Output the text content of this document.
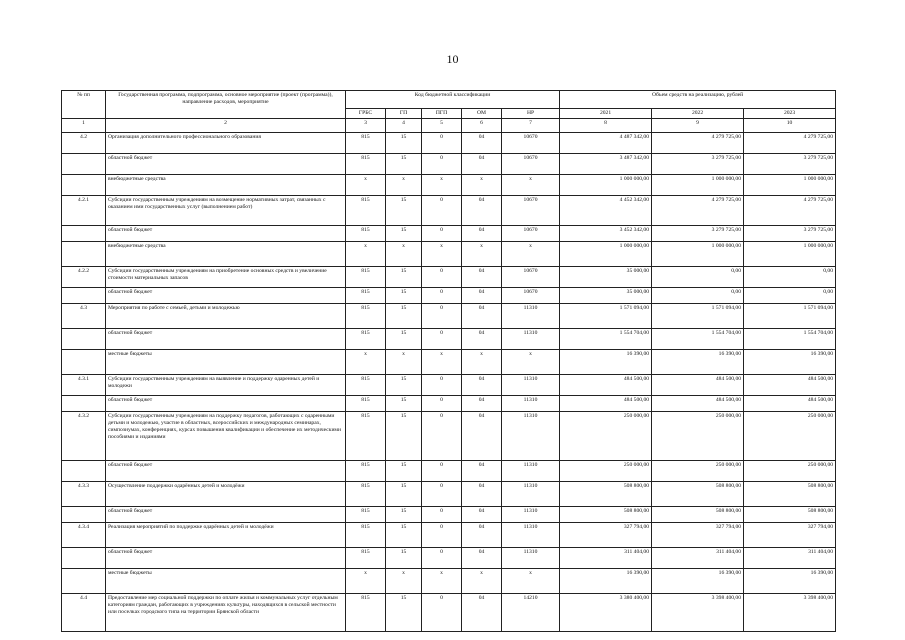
10
№ пп	Государственная программа, подпрограмма, основное мероприятие (проект (программа)), направление расходов, мероприятие	Код бюджетной классификации					Объем средств на реализацию, рублей		
		ГРБС	ГП	ПГП	ОМ	НР	2021	2022	2023
1	2	3	4	5	6	7	8	9	10
4.2	Организация дополнительного профессионального образования	815	15	0	04	10670	4 487 342,00	4 279 725,00	4 279 725,00
	областной бюджет	815	15	0	04	10670	3 487 342,00	3 279 725,00	3 279 725,00
	внебюджетные средства	x	x	x	x	x	1 000 000,00	1 000 000,00	1 000 000,00
4.2.1	Субсидии государственным учреждениям на возмещение нормативных затрат, связанных с оказанием ими государственных услуг (выполнением работ)	815	15	0	04	10670	4 452 342,00	4 279 725,00	4 279 725,00
	областной бюджет	815	15	0	04	10670	3 452 342,00	3 279 725,00	3 279 725,00
	внебюджетные средства	x	x	x	x	x	1 000 000,00	1 000 000,00	1 000 000,00
4.2.2	Субсидии государственным учреждениям на приобретение основных средств и увеличение стоимости материальных запасов	815	15	0	04	10670	35 000,00	0,00	0,00
	областной бюджет	815	15	0	04	10670	35 000,00	0,00	0,00
4.3	Мероприятия по работе с семьей, детьми и молодежью	815	15	0	04	11310	1 571 094,00	1 571 094,00	1 571 094,00
	областной бюджет	815	15	0	04	11310	1 554 704,00	1 554 704,00	1 554 704,00
	местные бюджеты	x	x	x	x	x	16 390,00	16 390,00	16 390,00
4.3.1	Субсидии государственным учреждениям на выявление и поддержку одаренных детей и молодежи	815	15	0	04	11310	484 500,00	484 500,00	484 500,00
	областной бюджет	815	15	0	04	11310	484 500,00	484 500,00	484 500,00
4.3.2	Субсидии государственным учреждениям на поддержку педагогов, работающих с одаренными детьми и молодежью, участие в областных, всероссийских и международных семинарах, симпозиумах, конференциях, курсах повышения квалификации и обеспечение их методическими пособиями и изданиями	815	15	0	04	11310	250 000,00	250 000,00	250 000,00
	областной бюджет	815	15	0	04	11310	250 000,00	250 000,00	250 000,00
4.3.3	Осуществление поддержки одарённых детей и молодёжи	815	15	0	04	11310	508 800,00	508 800,00	508 800,00
	областной бюджет	815	15	0	04	11310	508 800,00	508 800,00	508 800,00
4.3.4	Реализация мероприятий по поддержке одарённых детей и молодёжи	815	15	0	04	11310	327 794,00	327 794,00	327 794,00
	областной бюджет	815	15	0	04	11310	311 404,00	311 404,00	311 404,00
	местные бюджеты	x	x	x	x	x	16 390,00	16 390,00	16 390,00
4.4	Предоставление мер социальной поддержки по оплате жилья и коммунальных услуг отдельным категориям граждан, работающих в учреждениях культуры, находящихся в сельской местности или поселках городского типа на территории Брянской области	815	15	0	04	14210	3 380 400,00	3 398 400,00	3 398 400,00
